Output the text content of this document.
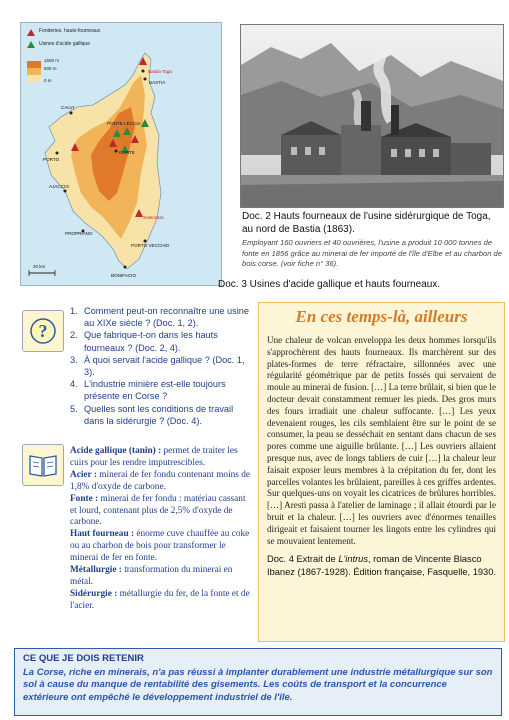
Fonderies, hauts-fourneaux
Usines d'acide gallique
1500 m
500 m
0 m
Bastia Toga
BASTIA
CALVI
PONTE LECCIA
CORTE
PORTO
AJACCIO
PROPRIANO
Solenzara
PORTO VECCHIO
BONIFACIO
20 km
Doc. 2 Hauts fourneaux de l'usine sidérurgique de Toga, au nord de Bastia (1863).
Employant 160 ouvriers et 40 ouvrières, l'usine a produit 10 000 tonnes de fonte en 1856 grâce au minerai de fer importé de l'île d'Elbe et au charbon de bois corse. (voir fiche n° 36).
Doc. 3 Usines d'acide gallique et hauts fourneaux.
?
1. Comment peut-on reconnaître une usine au XIXe siècle ? (Doc. 1, 2).
2. Que fabrique-t-on dans les hauts fourneaux ? (Doc. 2, 4).
3. À quoi servait l'acide gallique ? (Doc. 1, 3).
4. L'industrie minière est-elle toujours présente en Corse ?
5. Quelles sont les conditions de travail dans la sidérurgie ? (Doc. 4).

Acide gallique (tanin) : permet de traiter les cuirs pour les rendre imputrescibles.

Acier : minerai de fer fondu contenant moins de 1,8% d'oxyde de carbone.

Fonte : minerai de fer fondu : matériau cassant et lourd, contenant plus de 2,5% d'oxyde de carbone.

Haut fourneau : énorme cuve chauffée au coke ou au charbon de bois pour transformer le minerai de fer en fonte.

Métallurgie : transformation du minerai en métal.

Sidérurgie : métallurgie du fer, de la fonte et de l'acier.

En ces temps-là, ailleurs
Une chaleur de volcan enveloppa les deux hommes lorsqu'ils s'approchèrent des hauts fourneaux. Ils marchèrent sur des plates-formes de terre réfractaire, sillonnées avec une régularité géométrique par de petits fossés qui servaient de moule au minerai de fusion. […] La terre brûlait, si bien que le docteur devait constamment remuer les pieds. Des gros murs des fours irradiait une chaleur suffocante. […] Les yeux devenaient rouges, les cils semblaient être sur le point de se consumer, la peau se desséchait en sentant dans chacun de ses pores comme une aiguille brûlante. […] Les ouvriers allaient presque nus, avec de longs tabliers de cuir […] la chaleur leur faisait exposer leurs membres à la crépitation du fer, dont les parcelles volantes les brûlaient, pareilles à ces griffes ardentes. Sur quelques-uns on voyait les cicatrices de brûlures horribles. […] Aresti passa à l'atelier de laminage ; il allait étourdi par le bruit et la chaleur. […] les ouvriers avec d'énormes tenailles dirigeait et faisaient tourner les lingots entre les cylindres qui se mouvaient lentement.
Doc. 4 Extrait de L'intrus, roman de Vincente Blasco Ibanez (1867-1928). Édition française, Fasquelle, 1930.
CE QUE JE DOIS RETENIR
La Corse, riche en minerais, n'a pas réussi à implanter durablement une industrie métallurgique sur son sol à cause du manque de rentabilité des gisements. Les coûts de transport et la concurrence extérieure ont empêché le développement industriel de l'île.
